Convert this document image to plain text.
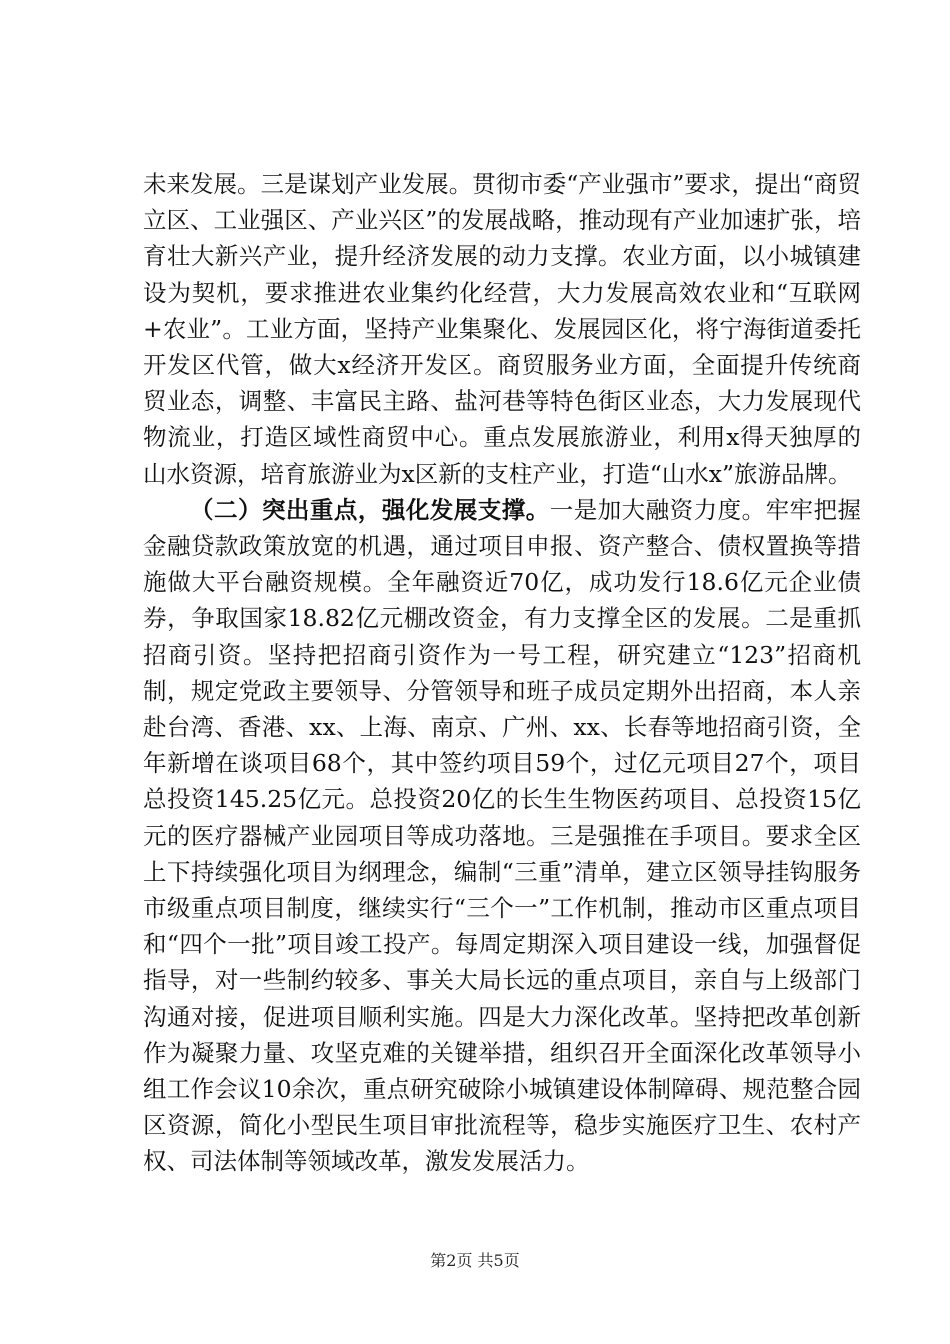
未来发展。三是谋划产业发展。贯彻市委“产业强市”要求，提出“商贸立区、工业强区、产业兴区”的发展战略，推动现有产业加速扩张，培育壮大新兴产业，提升经济发展的动力支撑。农业方面，以小城镇建设为契机，要求推进农业集约化经营，大力发展高效农业和“互联网+农业”。工业方面，坚持产业集聚化、发展园区化，将宁海街道委托开发区代管，做大x经济开发区。商贸服务业方面，全面提升传统商贸业态，调整、丰富民主路、盐河巷等特色街区业态，大力发展现代物流业，打造区域性商贸中心。重点发展旅游业，利用x得天独厚的山水资源，培育旅游业为x区新的支柱产业，打造“山水x”旅游品牌。

（二）突出重点，强化发展支撑。一是加大融资力度。牢牢把握金融贷款政策放宽的机遇，通过项目申报、资产整合、债权置换等措施做大平台融资规模。全年融资近70亿，成功发行18.6亿元企业债券，争取国家18.82亿元棚改资金，有力支撑全区的发展。二是重抓招商引资。坚持把招商引资作为一号工程，研究建立“123”招商机制，规定党政主要领导、分管领导和班子成员定期外出招商，本人亲赴台湾、香港、xx、上海、南京、广州、xx、长春等地招商引资，全年新增在谈项目68个，其中签约项目59个，过亿元项目27个，项目总投资145.25亿元。总投资20亿的长生生物医药项目、总投资15亿元的医疗器械产业园项目等成功落地。三是强推在手项目。要求全区上下持续强化项目为纲理念，编制“三重”清单，建立区领导挂钩服务市级重点项目制度，继续实行“三个一”工作机制，推动市区重点项目和“四个一批”项目竣工投产。每周定期深入项目建设一线，加强督促指导，对一些制约较多、事关大局长远的重点项目，亲自与上级部门沟通对接，促进项目顺利实施。四是大力深化改革。坚持把改革创新作为凝聚力量、攻坚克难的关键举措，组织召开全面深化改革领导小组工作会议10余次，重点研究破除小城镇建设体制障碍、规范整合园区资源，简化小型民生项目审批流程等，稳步实施医疗卫生、农村产权、司法体制等领域改革，激发发展活力。

第2页 共5页
